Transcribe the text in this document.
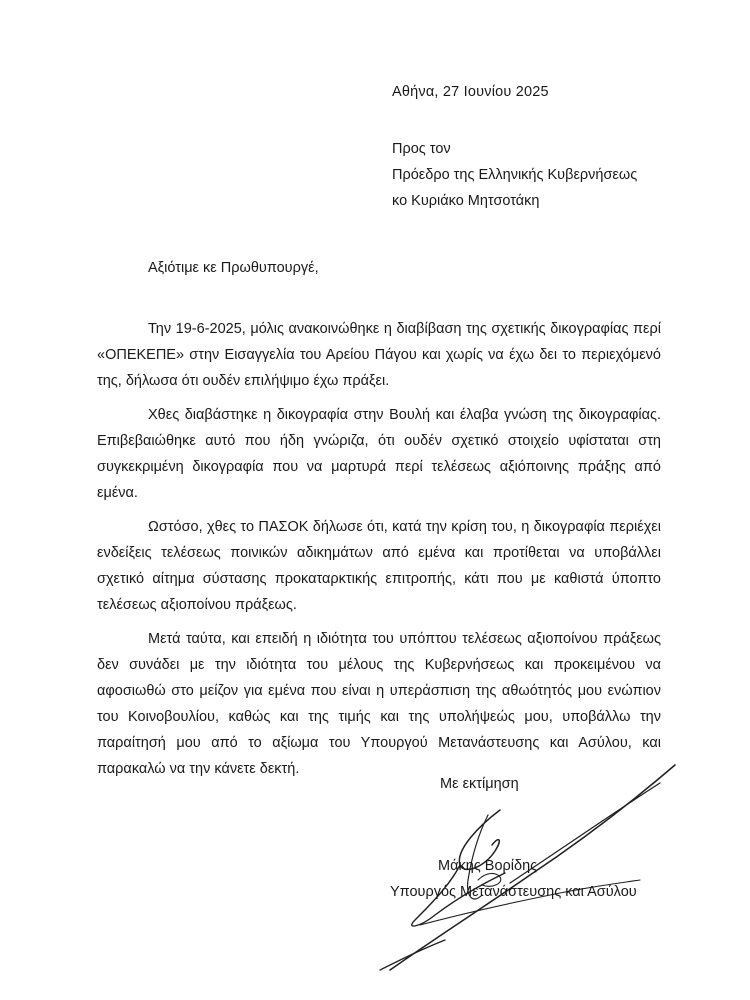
Αθήνα, 27 Ιουνίου 2025
Προς τον
Πρόεδρο της Ελληνικής Κυβερνήσεως
κο Κυριάκο Μητσοτάκη
Αξιότιμε κε Πρωθυπουργέ,

Την 19-6-2025, μόλις ανακοινώθηκε η διαβίβαση της σχετικής δικογραφίας περί «ΟΠΕΚΕΠΕ» στην Εισαγγελία του Αρείου Πάγου και χωρίς να έχω δει το περιεχόμενό της, δήλωσα ότι ουδέν επιλήψιμο έχω πράξει.

Χθες διαβάστηκε η δικογραφία στην Βουλή και έλαβα γνώση της δικογραφίας. Επιβεβαιώθηκε αυτό που ήδη γνώριζα, ότι ουδέν σχετικό στοιχείο υφίσταται στη συγκεκριμένη δικογραφία που να μαρτυρά περί τελέσεως αξιόποινης πράξης από εμένα.

Ωστόσο, χθες το ΠΑΣΟΚ δήλωσε ότι, κατά την κρίση του, η δικογραφία περιέχει ενδείξεις τελέσεως ποινικών αδικημάτων από εμένα και προτίθεται να υποβάλλει σχετικό αίτημα σύστασης προκαταρκτικής επιτροπής, κάτι που με καθιστά ύποπτο τελέσεως αξιοποίνου πράξεως.

Μετά ταύτα, και επειδή η ιδιότητα του υπόπτου τελέσεως αξιοποίνου πράξεως δεν συνάδει με την ιδιότητα του μέλους της Κυβερνήσεως και προκειμένου να αφοσιωθώ στο μείζον για εμένα που είναι η υπεράσπιση της αθωότητός μου ενώπιον του Κοινοβουλίου, καθώς και της τιμής και της υπολήψεώς μου, υποβάλλω την παραίτησή μου από το αξίωμα του Υπουργού Μετανάστευσης και Ασύλου, και παρακαλώ να την κάνετε δεκτή.

Με εκτίμηση
Μάκης Βορίδης
Υπουργός Μετανάστευσης και Ασύλου
